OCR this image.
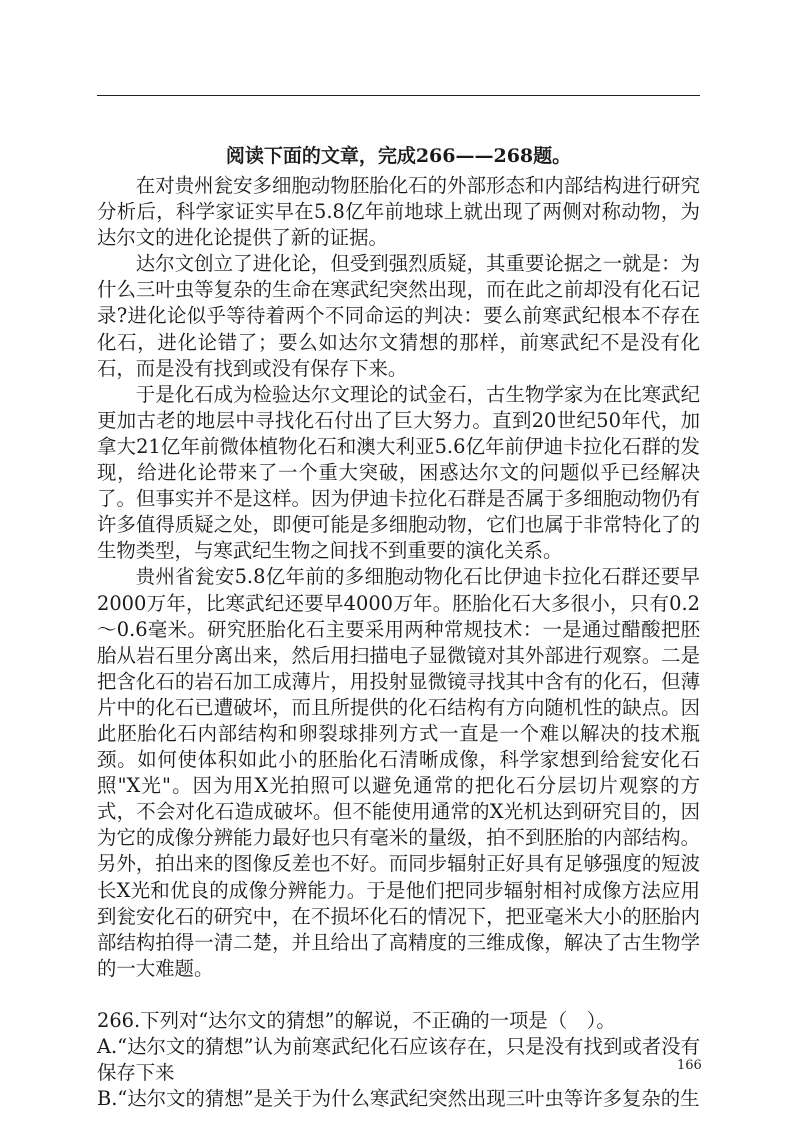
阅读下面的文章，完成266——268题。

在对贵州瓮安多细胞动物胚胎化石的外部形态和内部结构进行研究分析后，科学家证实早在5.8亿年前地球上就出现了两侧对称动物，为达尔文的进化论提供了新的证据。

达尔文创立了进化论，但受到强烈质疑，其重要论据之一就是：为什么三叶虫等复杂的生命在寒武纪突然出现，而在此之前却没有化石记录?进化论似乎等待着两个不同命运的判决：要么前寒武纪根本不存在化石，进化论错了；要么如达尔文猜想的那样，前寒武纪不是没有化石，而是没有找到或没有保存下来。

于是化石成为检验达尔文理论的试金石，古生物学家为在比寒武纪更加古老的地层中寻找化石付出了巨大努力。直到20世纪50年代，加拿大21亿年前微体植物化石和澳大利亚5.6亿年前伊迪卡拉化石群的发现，给进化论带来了一个重大突破，困惑达尔文的问题似乎已经解决了。但事实并不是这样。因为伊迪卡拉化石群是否属于多细胞动物仍有许多值得质疑之处，即便可能是多细胞动物，它们也属于非常特化了的生物类型，与寒武纪生物之间找不到重要的演化关系。

贵州省瓮安5.8亿年前的多细胞动物化石比伊迪卡拉化石群还要早2000万年，比寒武纪还要早4000万年。胚胎化石大多很小，只有0.2～0.6毫米。研究胚胎化石主要采用两种常规技术：一是通过醋酸把胚胎从岩石里分离出来，然后用扫描电子显微镜对其外部进行观察。二是把含化石的岩石加工成薄片，用投射显微镜寻找其中含有的化石，但薄片中的化石已遭破坏，而且所提供的化石结构有方向随机性的缺点。因此胚胎化石内部结构和卵裂球排列方式一直是一个难以解决的技术瓶颈。如何使体积如此小的胚胎化石清晰成像，科学家想到给瓮安化石照"X光"。因为用X光拍照可以避免通常的把化石分层切片观察的方式，不会对化石造成破坏。但不能使用通常的X光机达到研究目的，因为它的成像分辨能力最好也只有毫米的量级，拍不到胚胎的内部结构。另外，拍出来的图像反差也不好。而同步辐射正好具有足够强度的短波长X光和优良的成像分辨能力。于是他们把同步辐射相衬成像方法应用到瓮安化石的研究中，在不损坏化石的情况下，把亚毫米大小的胚胎内部结构拍得一清二楚，并且给出了高精度的三维成像，解决了古生物学的一大难题。

266.下列对“达尔文的猜想”的解说，不正确的一项是（　）。

A.“达尔文的猜想”认为前寒武纪化石应该存在，只是没有找到或者没有保存下来

B.“达尔文的猜想”是关于为什么寒武纪突然出现三叶虫等许多复杂的生

166
